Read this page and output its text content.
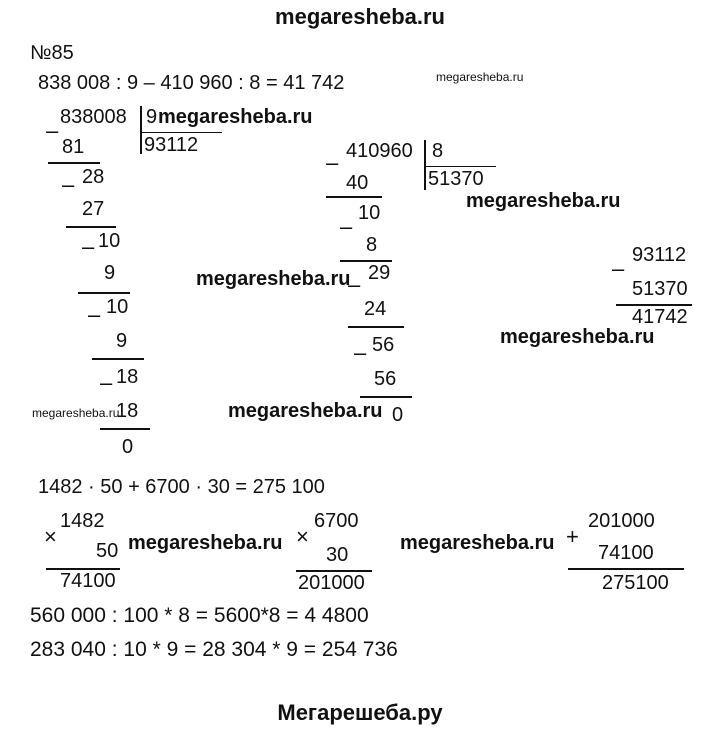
megaresheba.ru
№85
838 008 : 9 – 410 960 : 8 = 41 742	megaresheba.ru
–
838008 9 megaresheba.ru
93112
81
– 28
27
– 10
9
– 10
9
– 18
18
0
megaresheba.ru
– 410960 8
51370
40
10
–
8
– 29
24
– 56
56
0
megaresheba.ru
megaresheba.ru
megaresheba.ru
megaresheba.ru
–
93112
51370
41742
1482 · 50 + 6700 · 30 = 275 100
×
1482
50
74100
megaresheba.ru ×
6700
30
201000
megaresheba.ru +
201000
74100
275100
560 000 : 100 * 8 = 5600*8 = 4 4800
283 040 : 10 * 9 = 28 304 * 9 = 254 736
Мегарешеба.ру
